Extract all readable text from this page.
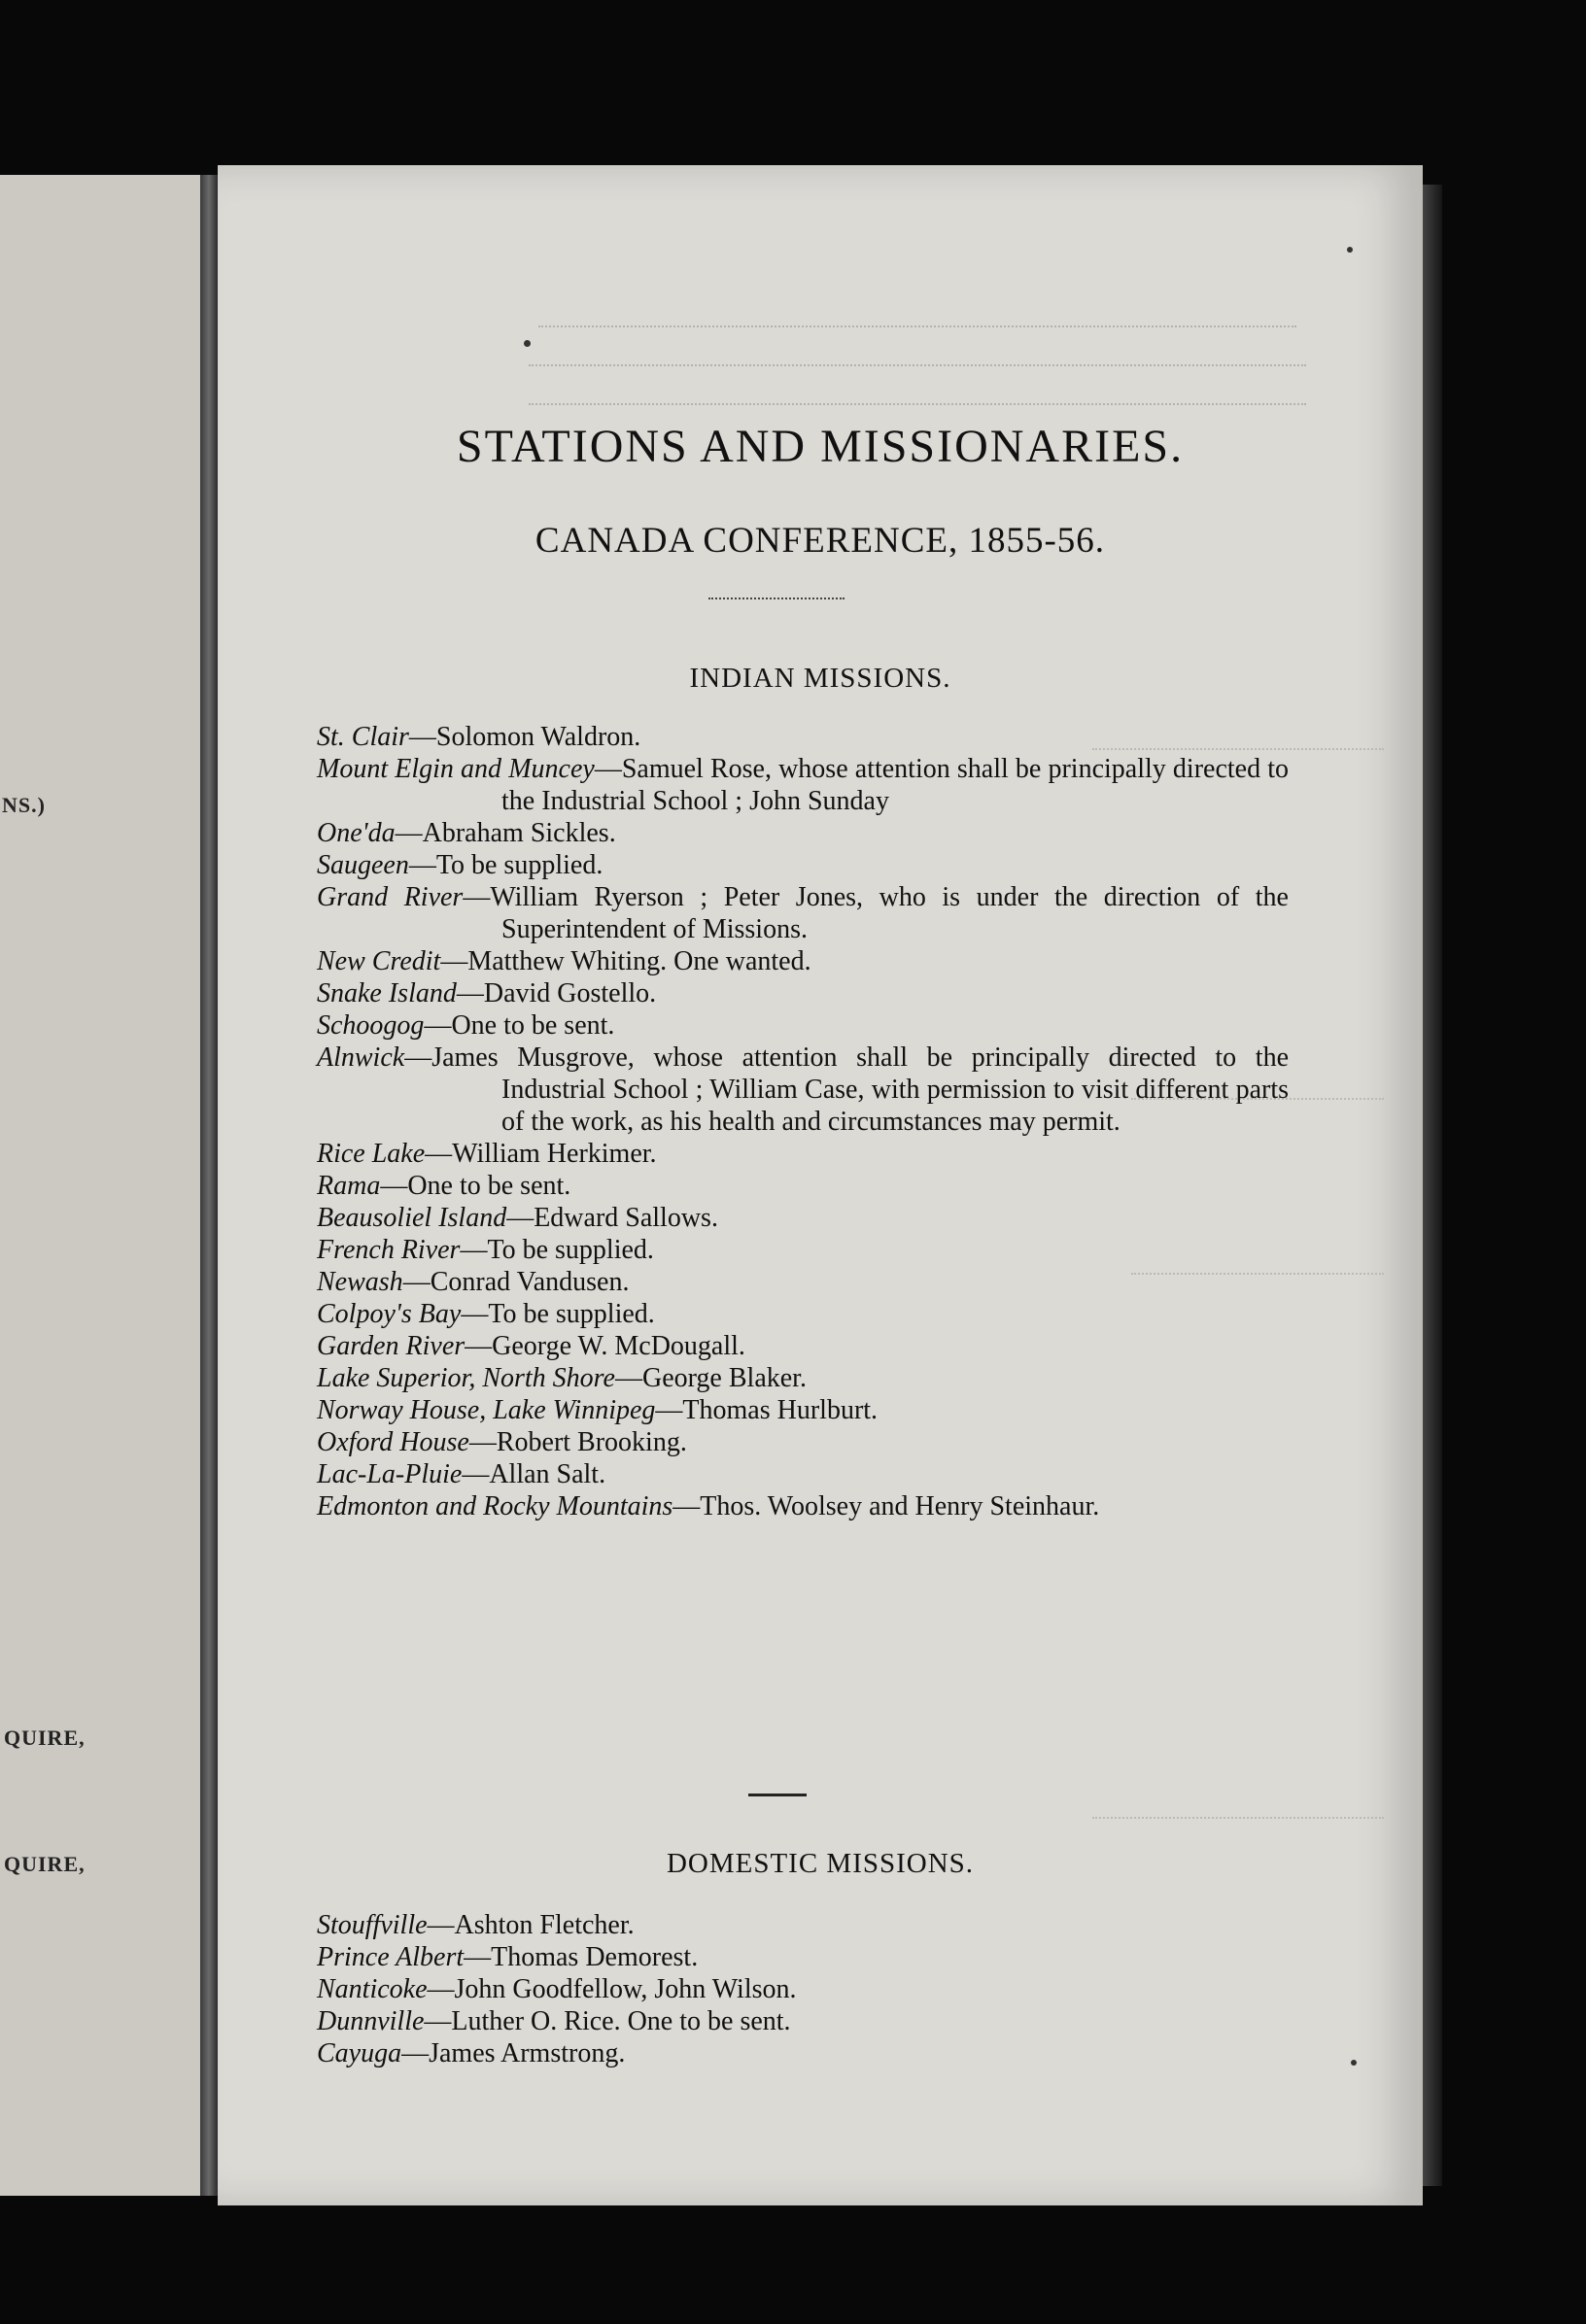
NS.)
QUIRE,
QUIRE,
STATIONS AND MISSIONARIES.
CANADA CONFERENCE, 1855-56.
INDIAN MISSIONS.
St. Clair—Solomon Waldron.
Mount Elgin and Muncey—Samuel Rose, whose attention shall be principally directed to the Industrial School ; John Sunday
One'da—Abraham Sickles.
Saugeen—To be supplied.
Grand River—William Ryerson ; Peter Jones, who is under the direction of the Superintendent of Missions.
New Credit—Matthew Whiting. One wanted.
Snake Island—David Gostello.
Schoogog—One to be sent.
Alnwick—James Musgrove, whose attention shall be principally directed to the Industrial School ; William Case, with permission to visit different parts of the work, as his health and circumstances may permit.
Rice Lake—William Herkimer.
Rama—One to be sent.
Beausoliel Island—Edward Sallows.
French River—To be supplied.
Newash—Conrad Vandusen.
Colpoy's Bay—To be supplied.
Garden River—George W. McDougall.
Lake Superior, North Shore—George Blaker.
Norway House, Lake Winnipeg—Thomas Hurlburt.
Oxford House—Robert Brooking.
Lac-La-Pluie—Allan Salt.
Edmonton and Rocky Mountains—Thos. Woolsey and Henry Steinhaur.
DOMESTIC MISSIONS.
Stouffville—Ashton Fletcher.
Prince Albert—Thomas Demorest.
Nanticoke—John Goodfellow, John Wilson.
Dunnville—Luther O. Rice. One to be sent.
Cayuga—James Armstrong.
